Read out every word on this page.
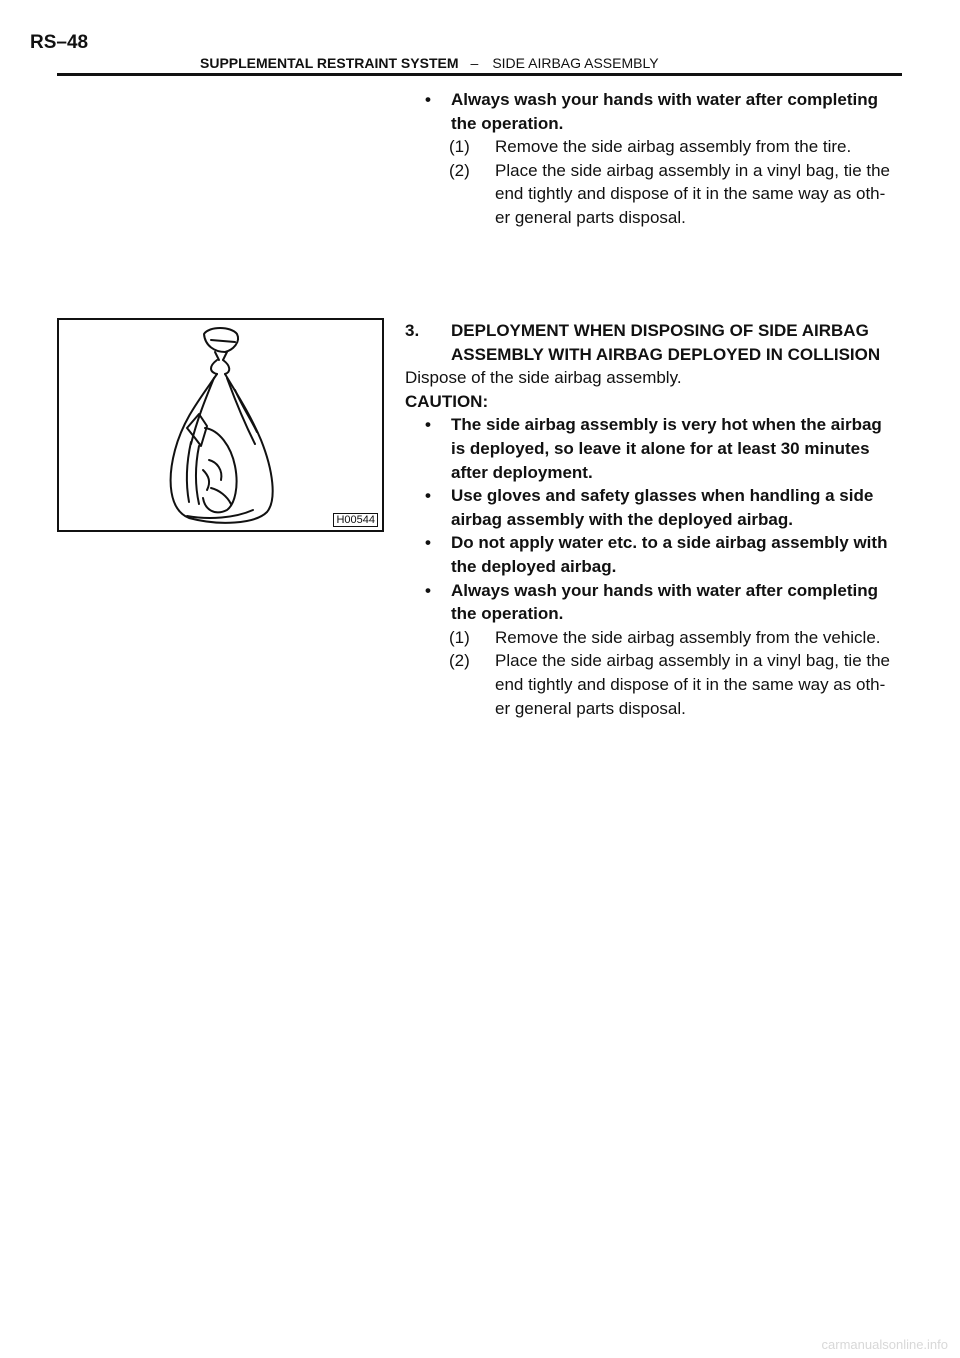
RS–48
SUPPLEMENTAL RESTRAINT SYSTEM – SIDE AIRBAG ASSEMBLY
• Always wash your hands with water after completing the operation.
(1) Remove the side airbag assembly from the tire.
(2) Place the side airbag assembly in a vinyl bag, tie the end tightly and dispose of it in the same way as oth- er general parts disposal.
H00544
3. DEPLOYMENT WHEN DISPOSING OF SIDE AIRBAG ASSEMBLY WITH AIRBAG DEPLOYED IN COLLISION
Dispose of the side airbag assembly.
CAUTION:
• The side airbag assembly is very hot when the airbag is deployed, so leave it alone for at least 30 minutes after deployment.
• Use gloves and safety glasses when handling a side airbag assembly with the deployed airbag.
• Do not apply water etc. to a side airbag assembly with the deployed airbag.
• Always wash your hands with water after completing the operation.
(1) Remove the side airbag assembly from the vehicle.
(2) Place the side airbag assembly in a vinyl bag, tie the end tightly and dispose of it in the same way as oth- er general parts disposal.
carmanualsonline.info
